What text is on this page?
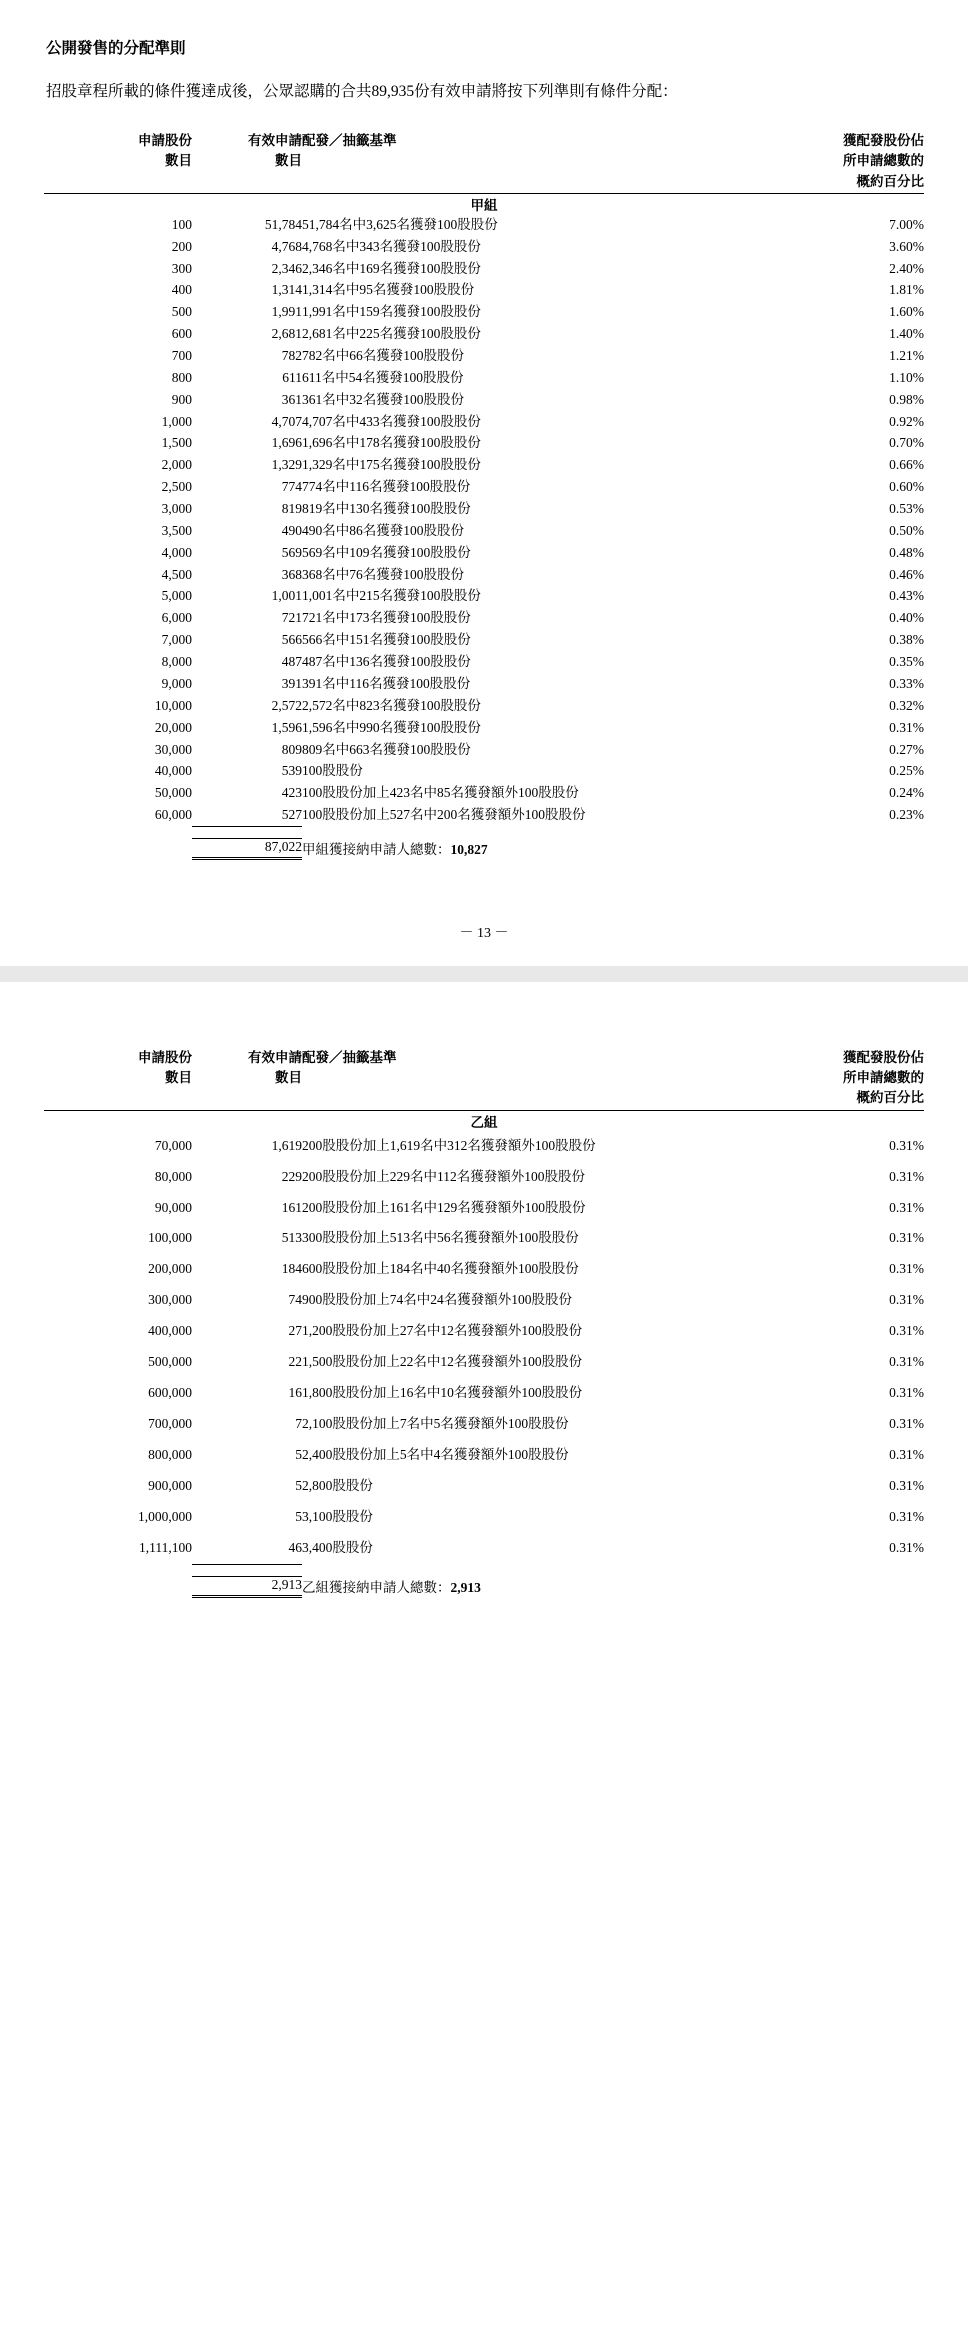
公開發售的分配準則
招股章程所載的條件獲達成後，公眾認購的合共89,935份有效申請將按下列準則有條件分配：
申請股份
數目

有效申請
數目
	配發／抽籤基準	獲配發股份佔
所申請總數的
概約百分比

甲組			
100	51,784	51,784名中3,625名獲發100股股份	7.00%
200	4,768	4,768名中343名獲發100股股份	3.60%
300	2,346	2,346名中169名獲發100股股份	2.40%
400	1,314	1,314名中95名獲發100股股份	1.81%
500	1,991	1,991名中159名獲發100股股份	1.60%
600	2,681	2,681名中225名獲發100股股份	1.40%
700	782	782名中66名獲發100股股份	1.21%
800	611	611名中54名獲發100股股份	1.10%
900	361	361名中32名獲發100股股份	0.98%
1,000	4,707	4,707名中433名獲發100股股份	0.92%
1,500	1,696	1,696名中178名獲發100股股份	0.70%
2,000	1,329	1,329名中175名獲發100股股份	0.66%
2,500	774	774名中116名獲發100股股份	0.60%
3,000	819	819名中130名獲發100股股份	0.53%
3,500	490	490名中86名獲發100股股份	0.50%
4,000	569	569名中109名獲發100股股份	0.48%
4,500	368	368名中76名獲發100股股份	0.46%
5,000	1,001	1,001名中215名獲發100股股份	0.43%
6,000	721	721名中173名獲發100股股份	0.40%
7,000	566	566名中151名獲發100股股份	0.38%
8,000	487	487名中136名獲發100股股份	0.35%
9,000	391	391名中116名獲發100股股份	0.33%
10,000	2,572	2,572名中823名獲發100股股份	0.32%
20,000	1,596	1,596名中990名獲發100股股份	0.31%
30,000	809	809名中663名獲發100股股份	0.27%
40,000	539	100股股份	0.25%
50,000	423	100股股份加上423名中85名獲發額外100股股份	0.24%
60,000	527	100股股份加上527名中200名獲發額外100股股份	0.23%

	87,022	甲組獲接納申請人總數：10,827	
－ 13 －
申請股份
數目

有效申請
數目
	配發／抽籤基準	獲配發股份佔
所申請總數的
概約百分比

乙組			
70,000	1,619	200股股份加上1,619名中312名獲發額外100股股份	0.31%
80,000	229	200股股份加上229名中112名獲發額外100股股份	0.31%
90,000	161	200股股份加上161名中129名獲發額外100股股份	0.31%
100,000	513	300股股份加上513名中56名獲發額外100股股份	0.31%
200,000	184	600股股份加上184名中40名獲發額外100股股份	0.31%
300,000	74	900股股份加上74名中24名獲發額外100股股份	0.31%
400,000	27	1,200股股份加上27名中12名獲發額外100股股份	0.31%
500,000	22	1,500股股份加上22名中12名獲發額外100股股份	0.31%
600,000	16	1,800股股份加上16名中10名獲發額外100股股份	0.31%
700,000	7	2,100股股份加上7名中5名獲發額外100股股份	0.31%
800,000	5	2,400股股份加上5名中4名獲發額外100股股份	0.31%
900,000	5	2,800股股份	0.31%
1,000,000	5	3,100股股份	0.31%
1,111,100	46	3,400股股份	0.31%

	2,913	乙組獲接納申請人總數：2,913	
